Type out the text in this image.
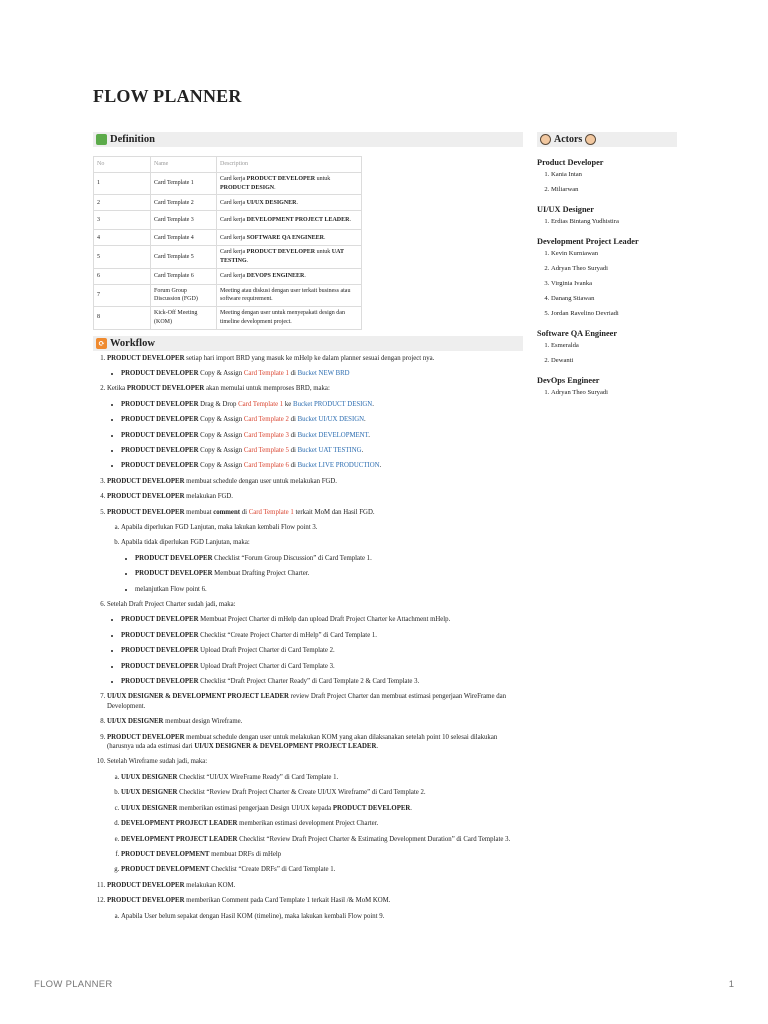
FLOW PLANNER
Definition
No	Name	Description
1	Card Template 1	Card kerja PRODUCT DEVELOPER untuk PRODUCT DESIGN.
2	Card Template 2	Card kerja UI/UX DESIGNER.
3	Card Template 3	Card kerja DEVELOPMENT PROJECT LEADER.
4	Card Template 4	Card kerja SOFTWARE QA ENGINEER.
5	Card Template 5	Card kerja PRODUCT DEVELOPER untuk UAT TESTING.
6	Card Template 6	Card kerja DEVOPS ENGINEER.
7	Forum Group Discussion (FGD)	Meeting atau diskusi dengan user terkait business atau software requirement.
8	Kick-Off Meeting (KOM)	Meeting dengan user untuk menyepakati design dan timeline development project.
⟳ Workflow
1. PRODUCT DEVELOPER setiap hari import BRD yang masuk ke mHelp ke dalam planner sesuai dengan project nya.
• PRODUCT DEVELOPER Copy & Assign Card Template 1 di Bucket NEW BRD
2. Ketika PRODUCT DEVELOPER akan memulai untuk memproses BRD, maka:
• PRODUCT DEVELOPER Drag & Drop Card Template 1 ke Bucket PRODUCT DESIGN.
• PRODUCT DEVELOPER Copy & Assign Card Template 2 di Bucket UI/UX DESIGN.
• PRODUCT DEVELOPER Copy & Assign Card Template 3 di Bucket DEVELOPMENT.
• PRODUCT DEVELOPER Copy & Assign Card Template 5 di Bucket UAT TESTING.
• PRODUCT DEVELOPER Copy & Assign Card Template 6 di Bucket LIVE PRODUCTION.
3. PRODUCT DEVELOPER membuat schedule dengan user untuk melakukan FGD.
4. PRODUCT DEVELOPER melakukan FGD.
5. PRODUCT DEVELOPER membuat comment di Card Template 1 terkait MoM dan Hasil FGD.
a. Apabila diperlukan FGD Lanjutan, maka lakukan kembali Flow point 3.
b. Apabila tidak diperlukan FGD Lanjutan, maka:
• PRODUCT DEVELOPER Checklist “Forum Group Discussion” di Card Template 1.
• PRODUCT DEVELOPER Membuat Drafting Project Charter.
• melanjutkan Flow point 6.
6. Setelah Draft Project Charter sudah jadi, maka:
• PRODUCT DEVELOPER Membuat Project Charter di mHelp dan upload Draft Project Charter ke Attachment mHelp.
• PRODUCT DEVELOPER Checklist “Create Project Charter di mHelp” di Card Template 1.
• PRODUCT DEVELOPER Upload Draft Project Charter di Card Template 2.
• PRODUCT DEVELOPER Upload Draft Project Charter di Card Template 3.
• PRODUCT DEVELOPER Checklist “Draft Project Charter Ready” di Card Template 2 & Card Template 3.
7. UI/UX DESIGNER & DEVELOPMENT PROJECT LEADER review Draft Project Charter dan membuat estimasi pengerjaan WireFrame dan Development.
8. UI/UX DESIGNER membuat design Wireframe.
9. PRODUCT DEVELOPER membuat schedule dengan user untuk melakukan KOM yang akan dilaksanakan setelah point 10 selesai dilakukan (harusnya uda ada estimasi dari UI/UX DESIGNER & DEVELOPMENT PROJECT LEADER.
10. Setelah Wireframe sudah jadi, maka:
a. UI/UX DESIGNER Checklist “UI/UX WireFrame Ready” di Card Template 1.
b. UI/UX DESIGNER Checklist “Review Draft Project Charter & Create UI/UX Wireframe” di Card Template 2.
c. UI/UX DESIGNER memberikan estimasi pengerjaan Design UI/UX kepada PRODUCT DEVELOPER.
d. DEVELOPMENT PROJECT LEADER memberikan estimasi development Project Charter.
e. DEVELOPMENT PROJECT LEADER Checklist “Review Draft Project Charter & Estimating Development Duration” di Card Template 3.
f. PRODUCT DEVELOPMENT membuat DRFs di mHelp
g. PRODUCT DEVELOPMENT Checklist “Create DRFs” di Card Template 1.
11. PRODUCT DEVELOPER melakukan KOM.
12. PRODUCT DEVELOPER memberikan Comment pada Card Template 1 terkait Hasil /& MoM KOM.
a. Apabila User belum sepakat dengan Hasil KOM (timeline), maka lakukan kembali Flow point 9.
Actors
Product Developer
1. Kania Intan
2. Miliarwan
UI/UX Designer
1. Erdias Bintang Yudhistira
Development Project Leader
1. Kevin Kurniawan
2. Adryan Theo Suryadi
3. Virginia Ivanka
4. Danang Stiawan
5. Jordan Ravelino Devriadi
Software QA Engineer
1. Esmeralda
2. Dewanti
DevOps Engineer
1. Adryan Theo Suryadi
FLOW PLANNER	1
